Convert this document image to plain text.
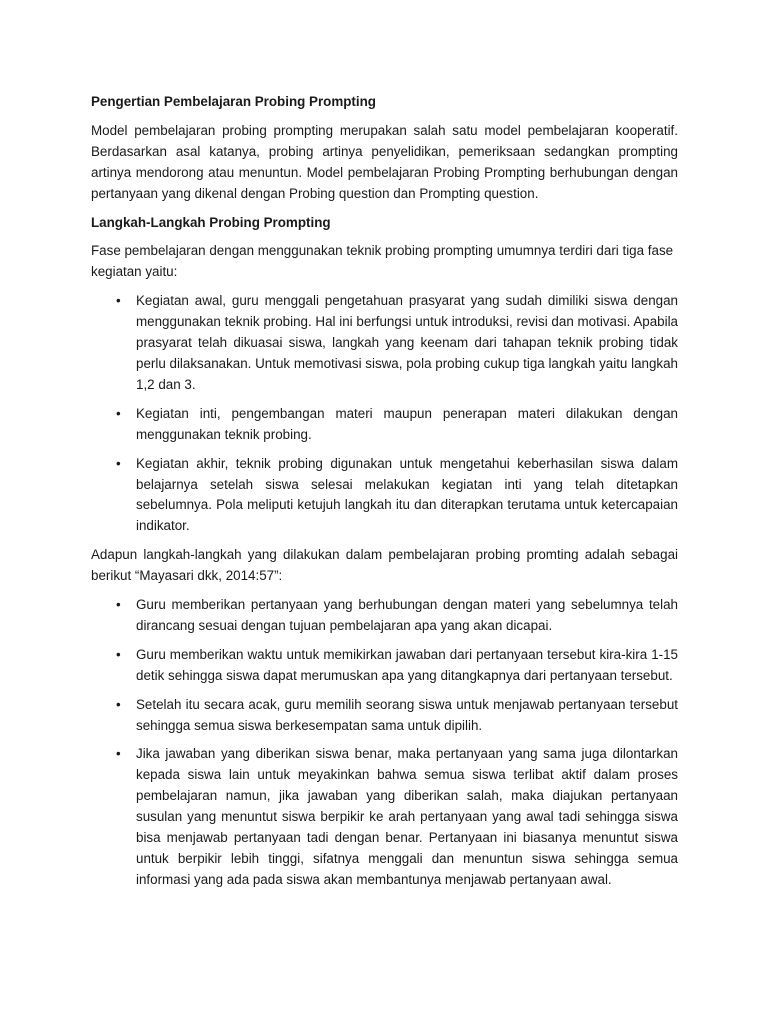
Pengertian Pembelajaran Probing Prompting

Model pembelajaran probing prompting merupakan salah satu model pembelajaran kooperatif. Berdasarkan asal katanya, probing artinya penyelidikan, pemeriksaan sedangkan prompting artinya mendorong atau menuntun. Model pembelajaran Probing Prompting berhubungan dengan pertanyaan yang dikenal dengan Probing question dan Prompting question.

Langkah-Langkah Probing Prompting

Fase pembelajaran dengan menggunakan teknik probing prompting umumnya terdiri dari tiga fase kegiatan yaitu:

• Kegiatan awal, guru menggali pengetahuan prasyarat yang sudah dimiliki siswa dengan menggunakan teknik probing. Hal ini berfungsi untuk introduksi, revisi dan motivasi. Apabila prasyarat telah dikuasai siswa, langkah yang keenam dari tahapan teknik probing tidak perlu dilaksanakan. Untuk memotivasi siswa, pola probing cukup tiga langkah yaitu langkah 1,2 dan 3.
• Kegiatan inti, pengembangan materi maupun penerapan materi dilakukan dengan menggunakan teknik probing.
• Kegiatan akhir, teknik probing digunakan untuk mengetahui keberhasilan siswa dalam belajarnya setelah siswa selesai melakukan kegiatan inti yang telah ditetapkan sebelumnya. Pola meliputi ketujuh langkah itu dan diterapkan terutama untuk ketercapaian indikator.

Adapun langkah-langkah yang dilakukan dalam pembelajaran probing promting adalah sebagai berikut “Mayasari dkk, 2014:57”:

• Guru memberikan pertanyaan yang berhubungan dengan materi yang sebelumnya telah dirancang sesuai dengan tujuan pembelajaran apa yang akan dicapai.
• Guru memberikan waktu untuk memikirkan jawaban dari pertanyaan tersebut kira-kira 1-15 detik sehingga siswa dapat merumuskan apa yang ditangkapnya dari pertanyaan tersebut.
• Setelah itu secara acak, guru memilih seorang siswa untuk menjawab pertanyaan tersebut sehingga semua siswa berkesempatan sama untuk dipilih.
• Jika jawaban yang diberikan siswa benar, maka pertanyaan yang sama juga dilontarkan kepada siswa lain untuk meyakinkan bahwa semua siswa terlibat aktif dalam proses pembelajaran namun, jika jawaban yang diberikan salah, maka diajukan pertanyaan susulan yang menuntut siswa berpikir ke arah pertanyaan yang awal tadi sehingga siswa bisa menjawab pertanyaan tadi dengan benar. Pertanyaan ini biasanya menuntut siswa untuk berpikir lebih tinggi, sifatnya menggali dan menuntun siswa sehingga semua informasi yang ada pada siswa akan membantunya menjawab pertanyaan awal.
